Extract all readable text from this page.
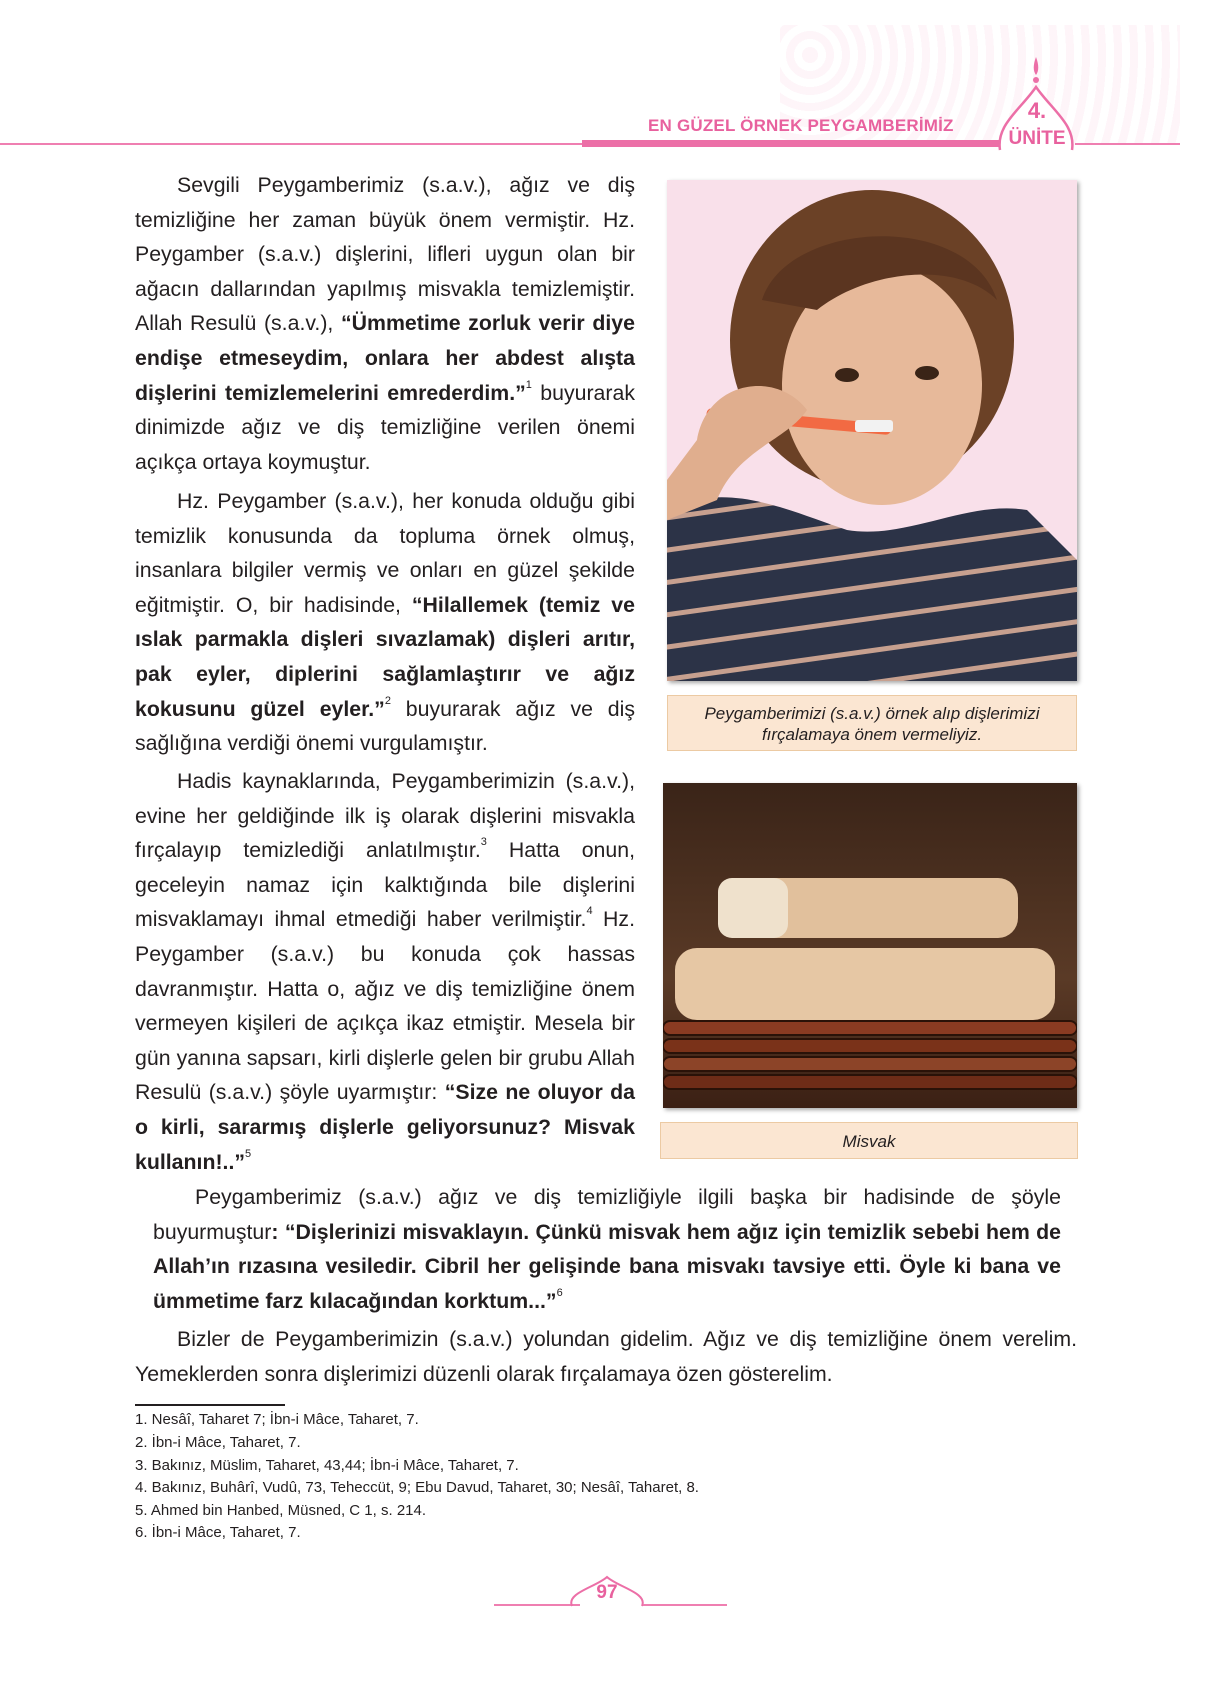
EN GÜZEL ÖRNEK PEYGAMBERİMİZ
4.
ÜNİTE
Sevgili Peygamberimiz (s.a.v.), ağız ve diş temizliğine her zaman büyük önem vermiştir. Hz. Peygamber (s.a.v.) dişlerini, lifleri uygun olan bir ağacın dallarından yapılmış misvakla temizlemiştir. Allah Resulü (s.a.v.), “Ümmetime zorluk verir diye endişe etmeseydim, onlara her abdest alışta dişlerini temizlemelerini emrederdim.”$^1$ buyurarak dinimizde ağız ve diş temizliğine verilen önemi açıkça ortaya koymuştur.
Hz. Peygamber (s.a.v.), her konuda olduğu gibi temizlik konusunda da topluma örnek olmuş, insanlara bilgiler vermiş ve onları en güzel şekilde eğitmiştir. O, bir hadisinde, “Hilallemek (temiz ve ıslak parmakla dişleri sıvazlamak) dişleri arıtır, pak eyler, diplerini sağlamlaştırır ve ağız kokusunu güzel eyler.”$^2$ buyurarak ağız ve diş sağlığına verdiği önemi vurgulamıştır.
Hadis kaynaklarında, Peygamberimizin (s.a.v.), evine her geldiğinde ilk iş olarak dişlerini misvakla fırçalayıp temizlediği anlatılmıştır.$^3$ Hatta onun, geceleyin namaz için kalktığında bile dişlerini misvaklamayı ihmal etmediği haber verilmiştir.$^4$ Hz. Peygamber (s.a.v.) bu konuda çok hassas davranmıştır. Hatta o, ağız ve diş temizliğine önem vermeyen kişileri de açıkça ikaz etmiştir. Mesela bir gün yanına sapsarı, kirli dişlerle gelen bir grubu Allah Resulü (s.a.v.) şöyle uyarmıştır: “Size ne oluyor da o kirli, sararmış dişlerle geliyorsunuz? Misvak kullanın!..”$^5$
Peygamberimiz (s.a.v.) ağız ve diş temizliğiyle ilgili başka bir hadisinde de şöyle buyurmuştur: “Dişlerinizi misvaklayın. Çünkü misvak hem ağız için temizlik sebebi hem de Allah’ın rızasına vesiledir. Cibril her gelişinde bana misvakı tavsiye etti. Öyle ki bana ve ümmetime farz kılacağından korktum...”$^6$
Bizler de Peygamberimizin (s.a.v.) yolundan gidelim. Ağız ve diş temizliğine önem verelim. Yemeklerden sonra dişlerimizi düzenli olarak fırçalamaya özen gösterelim.
Peygamberimizi (s.a.v.) örnek alıp dişlerimizi fırçalamaya önem vermeliyiz.
Misvak
1. Nesâî, Taharet 7; İbn-i Mâce, Taharet, 7.
2. İbn-i Mâce, Taharet, 7.
3. Bakınız, Müslim, Taharet, 43,44; İbn-i Mâce, Taharet, 7.
4. Bakınız, Buhârî, Vudû, 73, Teheccüt, 9; Ebu Davud, Taharet, 30; Nesâî, Taharet, 8.
5. Ahmed bin Hanbed, Müsned, C 1, s. 214.
6. İbn-i Mâce, Taharet, 7.
97
